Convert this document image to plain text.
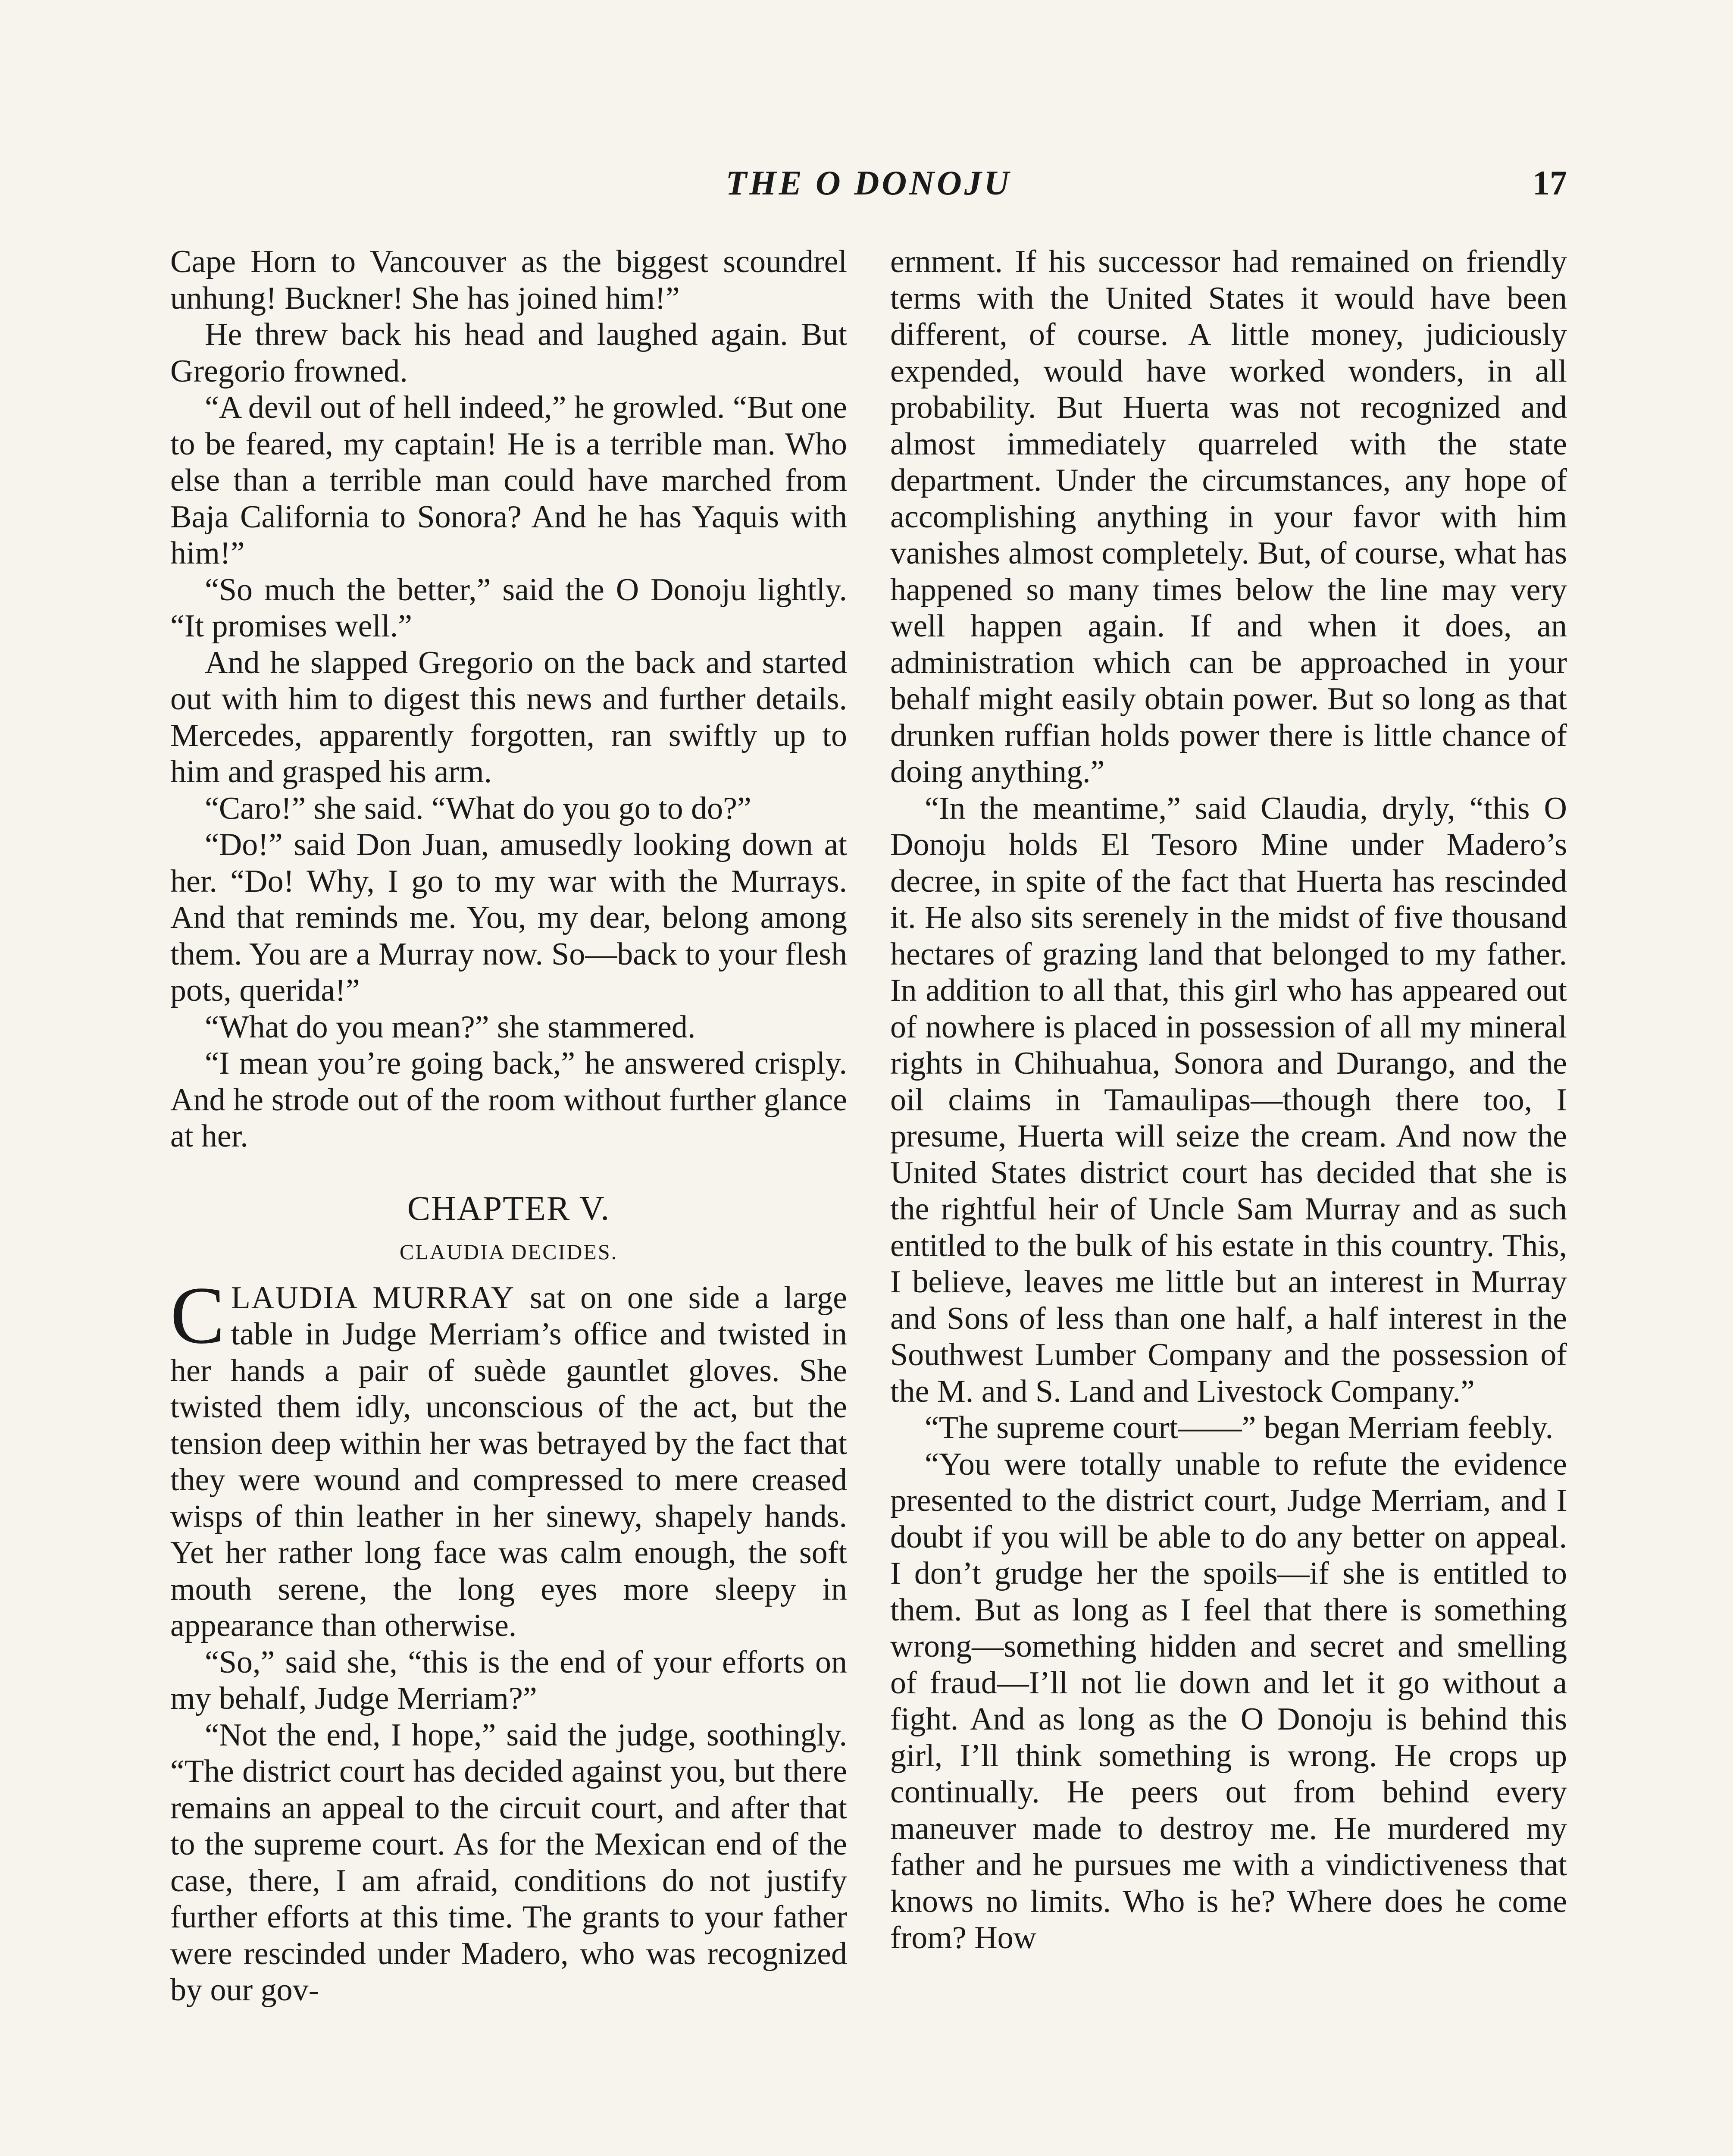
THE O DONOJU	17

Cape Horn to Vancouver as the biggest scoundrel unhung! Buckner! She has joined him!”

He threw back his head and laughed again. But Gregorio frowned.

“A devil out of hell indeed,” he growled. “But one to be feared, my captain! He is a terrible man. Who else than a terrible man could have marched from Baja California to Sonora? And he has Yaquis with him!”

“So much the better,” said the O Donoju lightly. “It promises well.”

And he slapped Gregorio on the back and started out with him to digest this news and further details. Mercedes, apparently forgotten, ran swiftly up to him and grasped his arm.

“Caro!” she said. “What do you go to do?”

“Do!” said Don Juan, amusedly looking down at her. “Do! Why, I go to my war with the Murrays. And that reminds me. You, my dear, belong among them. You are a Murray now. So—back to your flesh pots, querida!”

“What do you mean?” she stammered.

“I mean you’re going back,” he answered crisply. And he strode out of the room without further glance at her.

CHAPTER V.
CLAUDIA DECIDES.

CLAUDIA MURRAY sat on one side a large table in Judge Merriam’s office and twisted in her hands a pair of suède gauntlet gloves. She twisted them idly, unconscious of the act, but the tension deep within her was betrayed by the fact that they were wound and compressed to mere creased wisps of thin leather in her sinewy, shapely hands. Yet her rather long face was calm enough, the soft mouth serene, the long eyes more sleepy in appearance than otherwise.

“So,” said she, “this is the end of your efforts on my behalf, Judge Merriam?”

“Not the end, I hope,” said the judge, soothingly. “The district court has decided against you, but there remains an appeal to the circuit court, and after that to the supreme court. As for the Mexican end of the case, there, I am afraid, conditions do not justify further efforts at this time. The grants to your father were rescinded under Madero, who was recognized by our gov-

ernment. If his successor had remained on friendly terms with the United States it would have been different, of course. A little money, judiciously expended, would have worked wonders, in all probability. But Huerta was not recognized and almost immediately quarreled with the state department. Under the circumstances, any hope of accomplishing anything in your favor with him vanishes almost completely. But, of course, what has happened so many times below the line may very well happen again. If and when it does, an administration which can be approached in your behalf might easily obtain power. But so long as that drunken ruffian holds power there is little chance of doing anything.”

“In the meantime,” said Claudia, dryly, “this O Donoju holds El Tesoro Mine under Madero’s decree, in spite of the fact that Huerta has rescinded it. He also sits serenely in the midst of five thousand hectares of grazing land that belonged to my father. In addition to all that, this girl who has appeared out of nowhere is placed in possession of all my mineral rights in Chihuahua, Sonora and Durango, and the oil claims in Tamaulipas—though there too, I presume, Huerta will seize the cream. And now the United States district court has decided that she is the rightful heir of Uncle Sam Murray and as such entitled to the bulk of his estate in this country. This, I believe, leaves me little but an interest in Murray and Sons of less than one half, a half interest in the Southwest Lumber Company and the possession of the M. and S. Land and Livestock Company.”

“The supreme court——” began Merriam feebly.

“You were totally unable to refute the evidence presented to the district court, Judge Merriam, and I doubt if you will be able to do any better on appeal. I don’t grudge her the spoils—if she is entitled to them. But as long as I feel that there is something wrong—something hidden and secret and smelling of fraud—I’ll not lie down and let it go without a fight. And as long as the O Donoju is behind this girl, I’ll think something is wrong. He crops up continually. He peers out from behind every maneuver made to destroy me. He murdered my father and he pursues me with a vindictiveness that knows no limits. Who is he? Where does he come from? How
